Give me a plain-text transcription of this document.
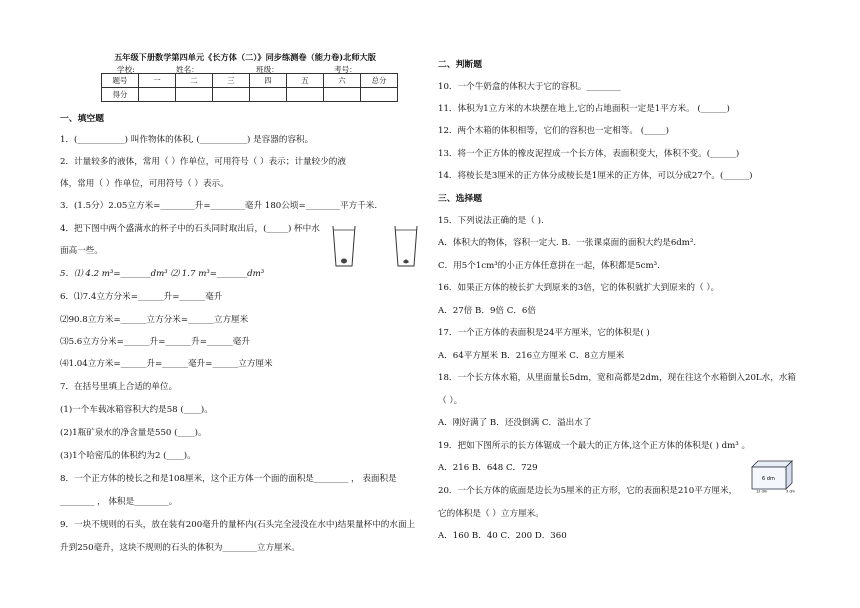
五年级下册数学第四单元《长方体（二）》同步练测卷（能力卷)北师大版
学校:	姓名：	班级：	考号：
题号	一	二	三	四	五	六	总分
得分							
一、填空题
1．(___________) 叫作物体的体积, (___________) 是容器的容积。
2．计量较多的液体，常用（ ）作单位，可用符号（ ）表示；计量较少的液
体，常用（ ）作单位，可用符号（ ）表示。
3．(1.5分）2.05立方米=________升=________毫升 180公顷=________平方千米.
4．把下图中两个盛满水的杯子中的石头同时取出后，(_____) 杯中水
面高一些。
5．⑴ 4.2 m³=_______dm³ ⑵ 1.7 m³=_______dm³
6．⑴7.4立方分米=______升=______毫升
⑵90.8立方米=______立方分米=______立方厘米
⑶5.6立方分米=______升=______升=______毫升
⑷1.04立方米=______升=______毫升=______立方厘米
7．在括号里填上合适的单位。
(1)一个车载冰箱容积大约是58 (____)。
(2)1瓶矿泉水的净含量是550 (____)。
(3)1个哈密瓜的体积约为2 (____)。
8．一个正方体的棱长之和是108厘米，这个正方体一个面的面积是________ ， 表面积是
________ ， 体积是________。
9．一块不规则的石头，放在装有200毫升的量杯内(石头完全浸没在水中)结果量杯中的水面上
升到250毫升，这块不规则的石头的体积为________立方厘米。
二、判断题
10．一个牛奶盒的体积大于它的容积。________
11．体积为1立方米的木块摆在地上,它的占地面积一定是1平方米。 (______)
12．两个木箱的体积相等，它们的容积也一定相等。 (_____)
13．将一个正方体的橡皮泥捏成一个长方体，表面积变大，体积不变。(______)
14．将棱长是3厘米的正方体分成棱长是1厘米的正方体，可以分成27个。(______)
三、选择题
15．下列说法正确的是（ ).
A．体积大的物体，容积一定大. B．一张课桌面的面积大约是6dm².
C．用5个1cm³的小正方体任意拼在一起，体积都是5cm³.
16．如果正方体的棱长扩大到原来的3倍，它的体积就扩大到原来的（ ）。
A．27倍 B．9倍 C．6倍
17．一个正方体的表面积是24平方厘米，它的体积是( )
A．64平方厘米 B．216立方厘米 C．8立方厘米
18．一个长方体水箱，从里面量长5dm，宽和高都是2dm，现在往这个水箱倒入20L水，水箱
（ ）。
A．刚好满了 B．还没倒满 C．溢出水了
19．把如下图所示的长方体锯成一个最大的正方体,这个正方体的体积是( ) dm³ 。
A．216 B．648 C．729
20．一个长方体的底面是边长为5厘米的正方形，它的表面积是210平方厘米，
它的体积是（ ）立方厘米。
A．160 B．40 C．200 D．360
6 dm
12 dm	3 dm
